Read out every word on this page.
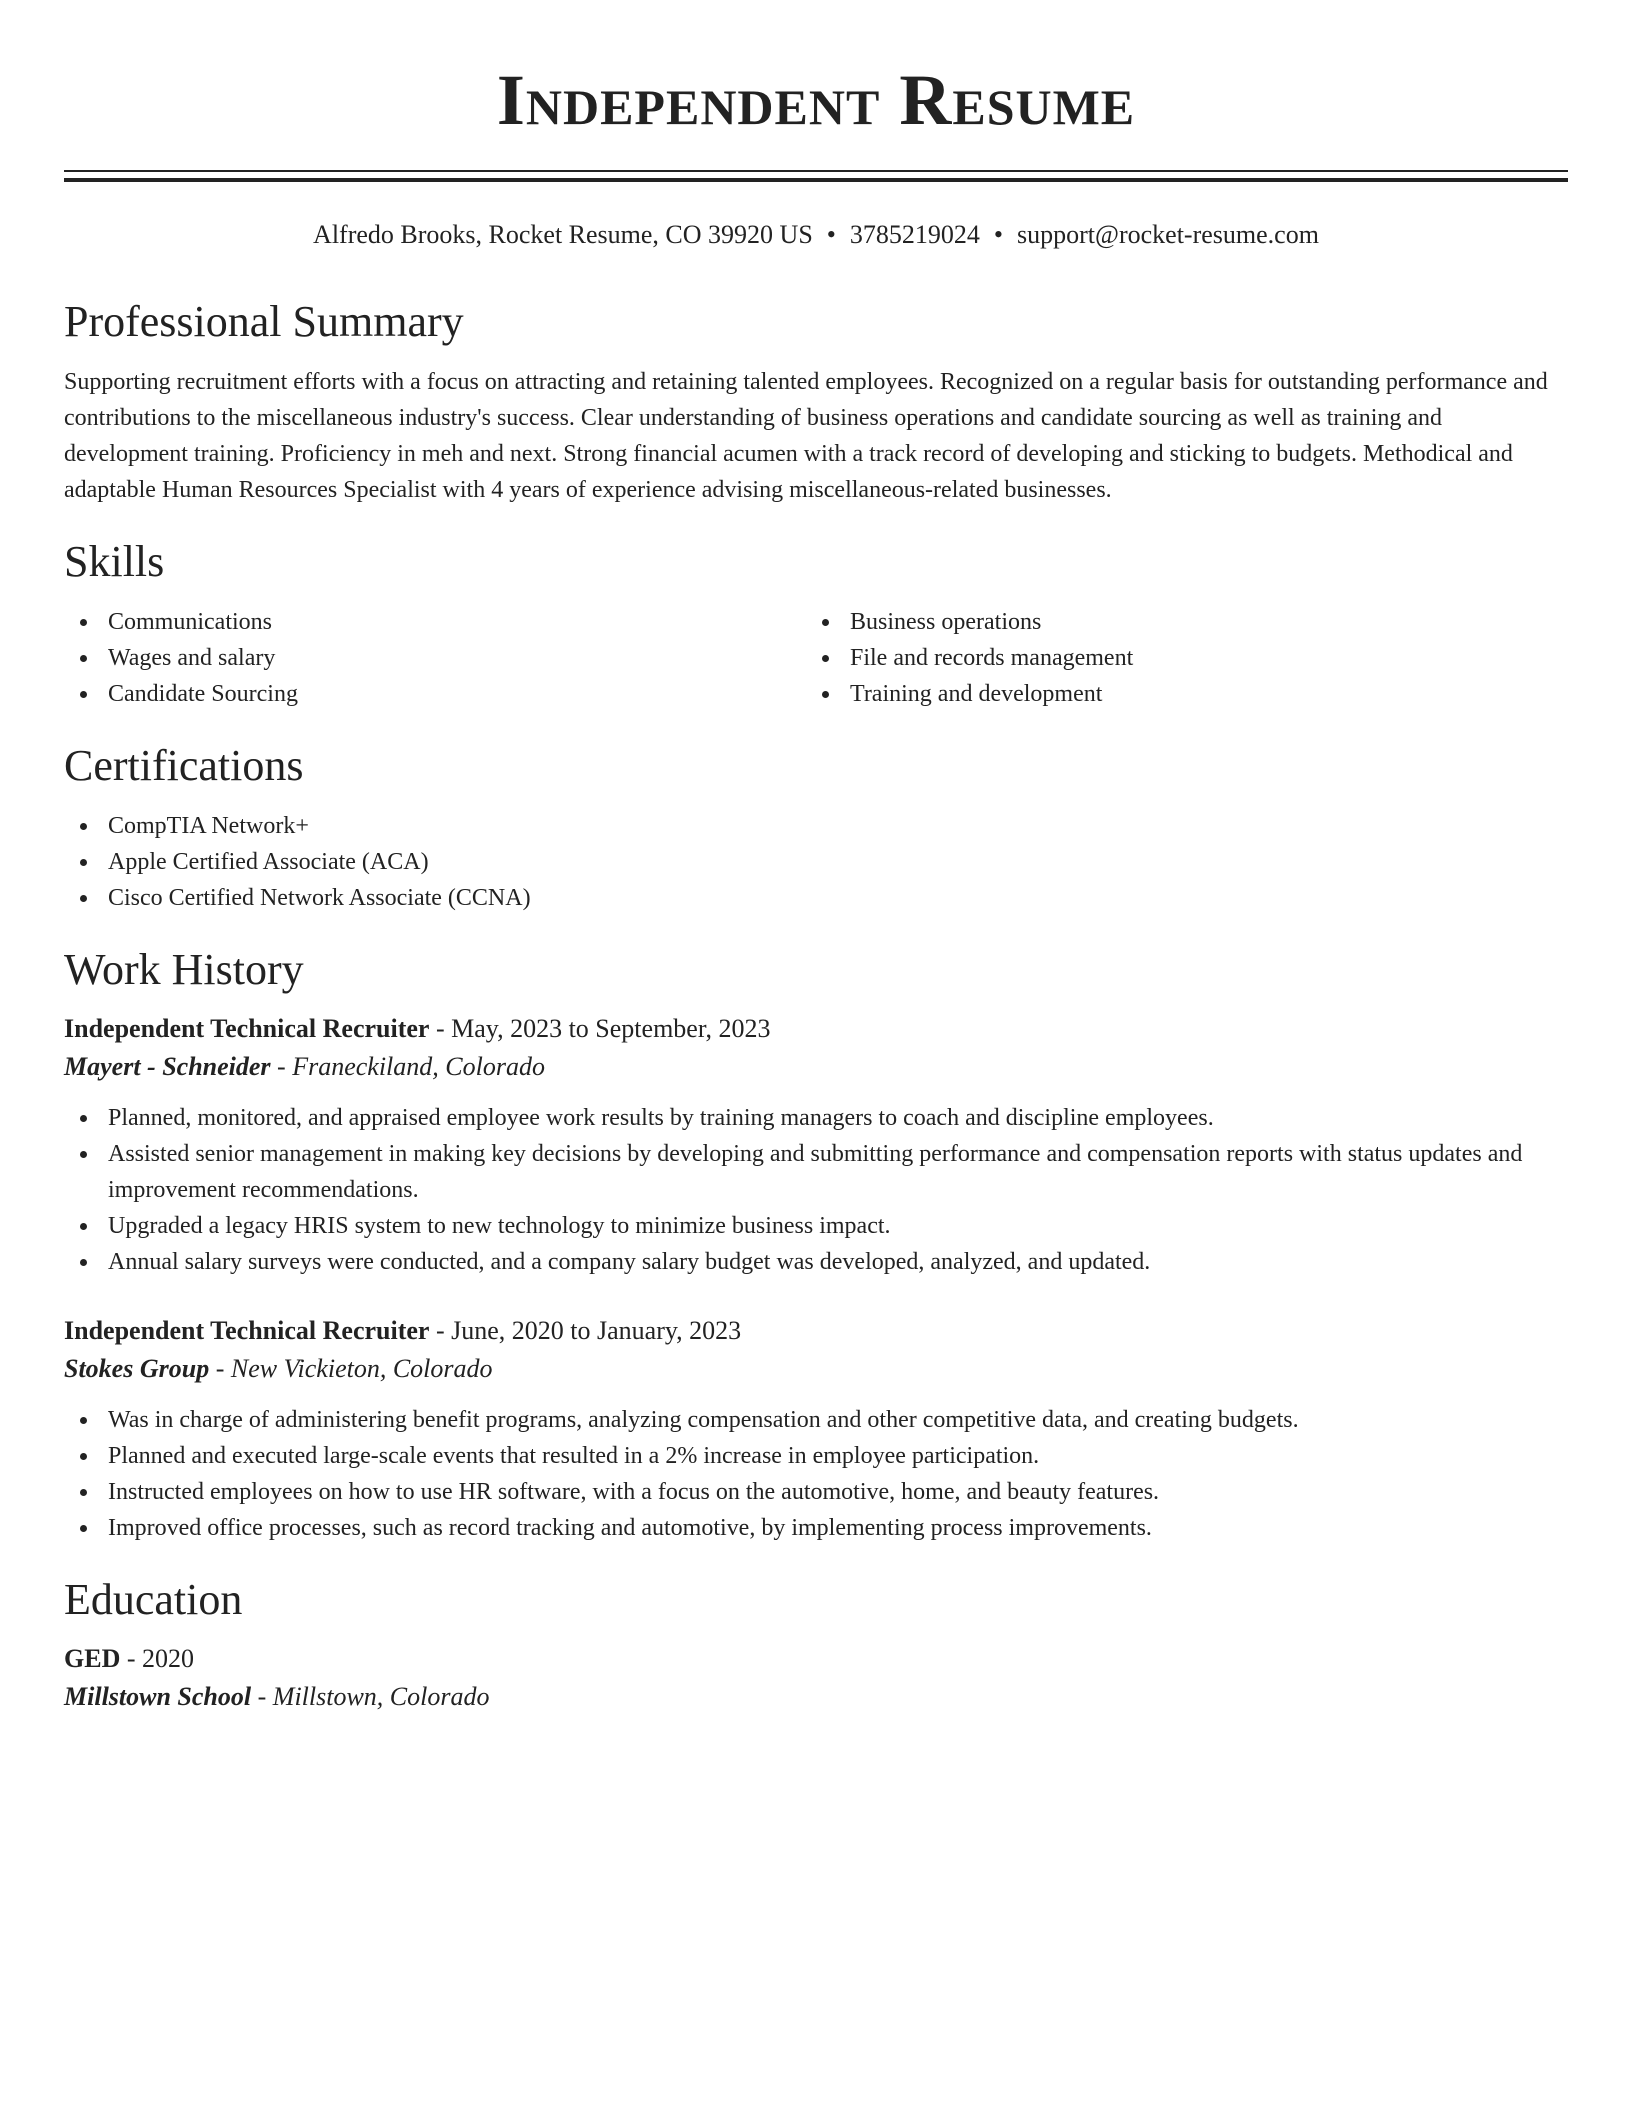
Independent Resume
Alfredo Brooks, Rocket Resume, CO 39920 US • 3785219024 • support@rocket-resume.com
Professional Summary

Supporting recruitment efforts with a focus on attracting and retaining talented employees. Recognized on a regular basis for outstanding performance and contributions to the miscellaneous industry's success. Clear understanding of business operations and candidate sourcing as well as training and development training. Proficiency in meh and next. Strong financial acumen with a track record of developing and sticking to budgets. Methodical and adaptable Human Resources Specialist with 4 years of experience advising miscellaneous-related businesses.

Skills
Communications
Wages and salary
Candidate Sourcing
Business operations
File and records management
Training and development
Certifications
CompTIA Network+
Apple Certified Associate (ACA)
Cisco Certified Network Associate (CCNA)
Work History
Independent Technical Recruiter - May, 2023 to September, 2023
Mayert - Schneider - Franeckiland, Colorado
Planned, monitored, and appraised employee work results by training managers to coach and discipline employees.
Assisted senior management in making key decisions by developing and submitting performance and compensation reports with status updates and improvement recommendations.
Upgraded a legacy HRIS system to new technology to minimize business impact.
Annual salary surveys were conducted, and a company salary budget was developed, analyzed, and updated.
Independent Technical Recruiter - June, 2020 to January, 2023
Stokes Group - New Vickieton, Colorado
Was in charge of administering benefit programs, analyzing compensation and other competitive data, and creating budgets.
Planned and executed large-scale events that resulted in a 2% increase in employee participation.
Instructed employees on how to use HR software, with a focus on the automotive, home, and beauty features.
Improved office processes, such as record tracking and automotive, by implementing process improvements.
Education
GED - 2020
Millstown School - Millstown, Colorado
